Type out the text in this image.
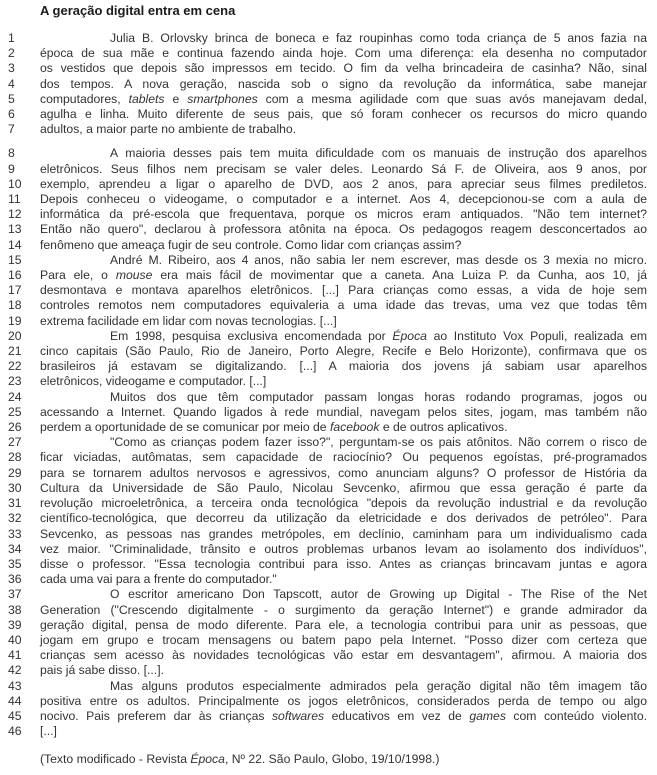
A geração digital entra em cena
1	Julia B. Orlovsky brinca de boneca e faz roupinhas como toda criança de 5 anos fazia na
2	época de sua mãe e continua fazendo ainda hoje. Com uma diferença: ela desenha no computador
3	os vestidos que depois são impressos em tecido. O fim da velha brincadeira de casinha? Não, sinal
4	dos tempos. A nova geração, nascida sob o signo da revolução da informática, sabe manejar
5	computadores, tablets e smartphones com a mesma agilidade com que suas avós manejavam dedal,
6	agulha e linha. Muito diferente de seus pais, que só foram conhecer os recursos do micro quando
7	adultos, a maior parte no ambiente de trabalho.
8	A maioria desses pais tem muita dificuldade com os manuais de instrução dos aparelhos
9	eletrônicos. Seus filhos nem precisam se valer deles. Leonardo Sá F. de Oliveira, aos 9 anos, por
10	exemplo, aprendeu a ligar o aparelho de DVD, aos 2 anos, para apreciar seus filmes prediletos.
11	Depois conheceu o videogame, o computador e a internet. Aos 4, decepcionou-se com a aula de
12	informática da pré-escola que frequentava, porque os micros eram antiquados. "Não tem internet?
13	Então não quero", declarou à professora atônita na época. Os pedagogos reagem desconcertados ao
14	fenômeno que ameaça fugir de seu controle. Como lidar com crianças assim?
15	André M. Ribeiro, aos 4 anos, não sabia ler nem escrever, mas desde os 3 mexia no micro.
16	Para ele, o mouse era mais fácil de movimentar que a caneta. Ana Luiza P. da Cunha, aos 10, já
17	desmontava e montava aparelhos eletrônicos. [...] Para crianças como essas, a vida de hoje sem
18	controles remotos nem computadores equivaleria a uma idade das trevas, uma vez que todas têm
19	extrema facilidade em lidar com novas tecnologias. [...]
20	Em 1998, pesquisa exclusiva encomendada por Época ao Instituto Vox Populi, realizada em
21	cinco capitais (São Paulo, Rio de Janeiro, Porto Alegre, Recife e Belo Horizonte), confirmava que os
22	brasileiros já estavam se digitalizando. [...] A maioria dos jovens já sabiam usar aparelhos
23	eletrônicos, videogame e computador. [...]
24	Muitos dos que têm computador passam longas horas rodando programas, jogos ou
25	acessando a Internet. Quando ligados à rede mundial, navegam pelos sites, jogam, mas também não
26	perdem a oportunidade de se comunicar por meio de facebook e de outros aplicativos.
27	"Como as crianças podem fazer isso?", perguntam-se os pais atônitos. Não correm o risco de
28	ficar viciadas, autômatas, sem capacidade de raciocínio? Ou pequenos egoístas, pré-programados
29	para se tornarem adultos nervosos e agressivos, como anunciam alguns? O professor de História da
30	Cultura da Universidade de São Paulo, Nicolau Sevcenko, afirmou que essa geração é parte da
31	revolução microeletrônica, a terceira onda tecnológica "depois da revolução industrial e da revolução
32	científico-tecnológica, que decorreu da utilização da eletricidade e dos derivados de petróleo". Para
33	Sevcenko, as pessoas nas grandes metrópoles, em declínio, caminham para um individualismo cada
34	vez maior. "Criminalidade, trânsito e outros problemas urbanos levam ao isolamento dos indivíduos",
35	disse o professor. "Essa tecnologia contribui para isso. Antes as crianças brincavam juntas e agora
36	cada uma vai para a frente do computador."
37	O escritor americano Don Tapscott, autor de Growing up Digital - The Rise of the Net
38	Generation ("Crescendo digitalmente - o surgimento da geração Internet") e grande admirador da
39	geração digital, pensa de modo diferente. Para ele, a tecnologia contribui para unir as pessoas, que
40	jogam em grupo e trocam mensagens ou batem papo pela Internet. "Posso dizer com certeza que
41	crianças sem acesso às novidades tecnológicas vão estar em desvantagem", afirmou. A maioria dos
42	pais já sabe disso. [...].
43	Mas alguns produtos especialmente admirados pela geração digital não têm imagem tão
44	positiva entre os adultos. Principalmente os jogos eletrônicos, considerados perda de tempo ou algo
45	nocivo. Pais preferem dar às crianças softwares educativos em vez de games com conteúdo violento.
46	[...]
(Texto modificado - Revista Época, Nº 22. São Paulo, Globo, 19/10/1998.)
